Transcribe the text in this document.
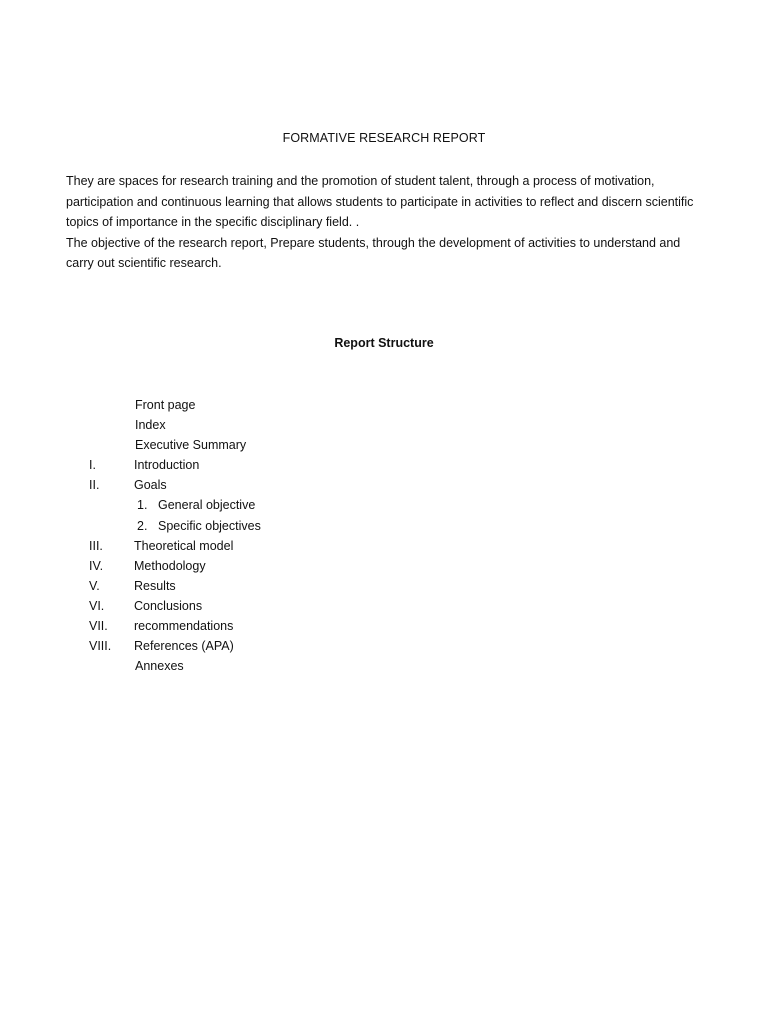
FORMATIVE RESEARCH REPORT

They are spaces for research training and the promotion of student talent, through a process of motivation, participation and continuous learning that allows students to participate in activities to reflect and discern scientific topics of importance in the specific disciplinary field. .

The objective of the research report, Prepare students, through the development of activities to understand and carry out scientific research.

Report Structure
Front page
Index
Executive Summary
I.	Introduction
II.	Goals
1. General objective
2. Specific objectives
III. Theoretical model
IV. Methodology
V.	Results
VI. Conclusions
VII. recommendations
VIII. References (APA)
Annexes
